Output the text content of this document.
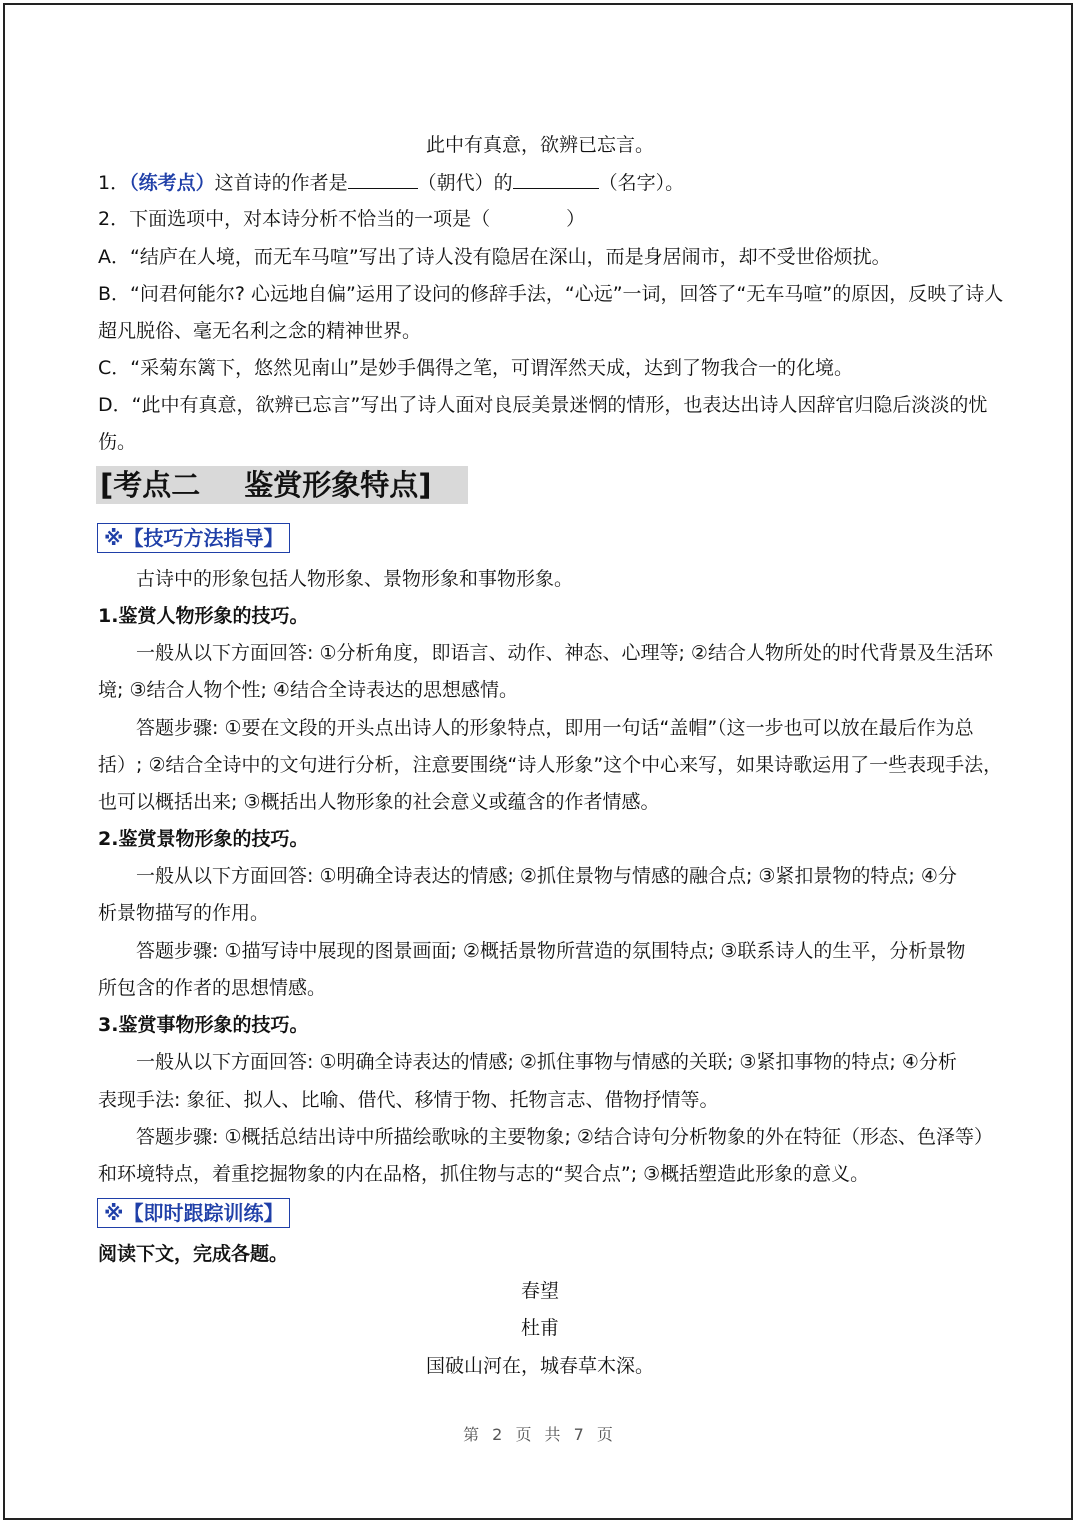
此中有真意，欲辨已忘言。
1．（练考点）这首诗的作者是	（朝代）的	（名字）。
2．下面选项中，对本诗分析不恰当的一项是（　　　　）
A．“结庐在人境，而无车马喧”写出了诗人没有隐居在深山，而是身居闹市，却不受世俗烦扰。
B．“问君何能尔? 心远地自偏”运用了设问的修辞手法，“心远”一词，回答了“无车马喧”的原因，反映了诗人
超凡脱俗、毫无名利之念的精神世界。
C．“采菊东篱下，悠然见南山”是妙手偶得之笔，可谓浑然天成，达到了物我合一的化境。
D．“此中有真意，欲辨已忘言”写出了诗人面对良辰美景迷惘的情形，也表达出诗人因辞官归隐后淡淡的忧
伤。
[考点二 鉴赏形象特点]
※【技巧方法指导】
古诗中的形象包括人物形象、景物形象和事物形象。
1.鉴赏人物形象的技巧。
一般从以下方面回答: ①分析角度，即语言、动作、神态、心理等; ②结合人物所处的时代背景及生活环
境; ③结合人物个性; ④结合全诗表达的思想感情。
答题步骤: ①要在文段的开头点出诗人的形象特点，即用一句话“盖帽”（这一步也可以放在最后作为总
括）; ②结合全诗中的文句进行分析，注意要围绕“诗人形象”这个中心来写，如果诗歌运用了一些表现手法，
也可以概括出来; ③概括出人物形象的社会意义或蕴含的作者情感。
2.鉴赏景物形象的技巧。
一般从以下方面回答: ①明确全诗表达的情感; ②抓住景物与情感的融合点; ③紧扣景物的特点; ④分
析景物描写的作用。
答题步骤: ①描写诗中展现的图景画面; ②概括景物所营造的氛围特点; ③联系诗人的生平，分析景物
所包含的作者的思想情感。
3.鉴赏事物形象的技巧。
一般从以下方面回答: ①明确全诗表达的情感; ②抓住事物与情感的关联; ③紧扣事物的特点; ④分析
表现手法: 象征、拟人、比喻、借代、移情于物、托物言志、借物抒情等。
答题步骤: ①概括总结出诗中所描绘歌咏的主要物象; ②结合诗句分析物象的外在特征（形态、色泽等）
和环境特点，着重挖掘物象的内在品格，抓住物与志的“契合点”; ③概括塑造此形象的意义。
※【即时跟踪训练】
阅读下文，完成各题。
春望
杜甫
国破山河在，城春草木深。
第 2 页 共 7 页
